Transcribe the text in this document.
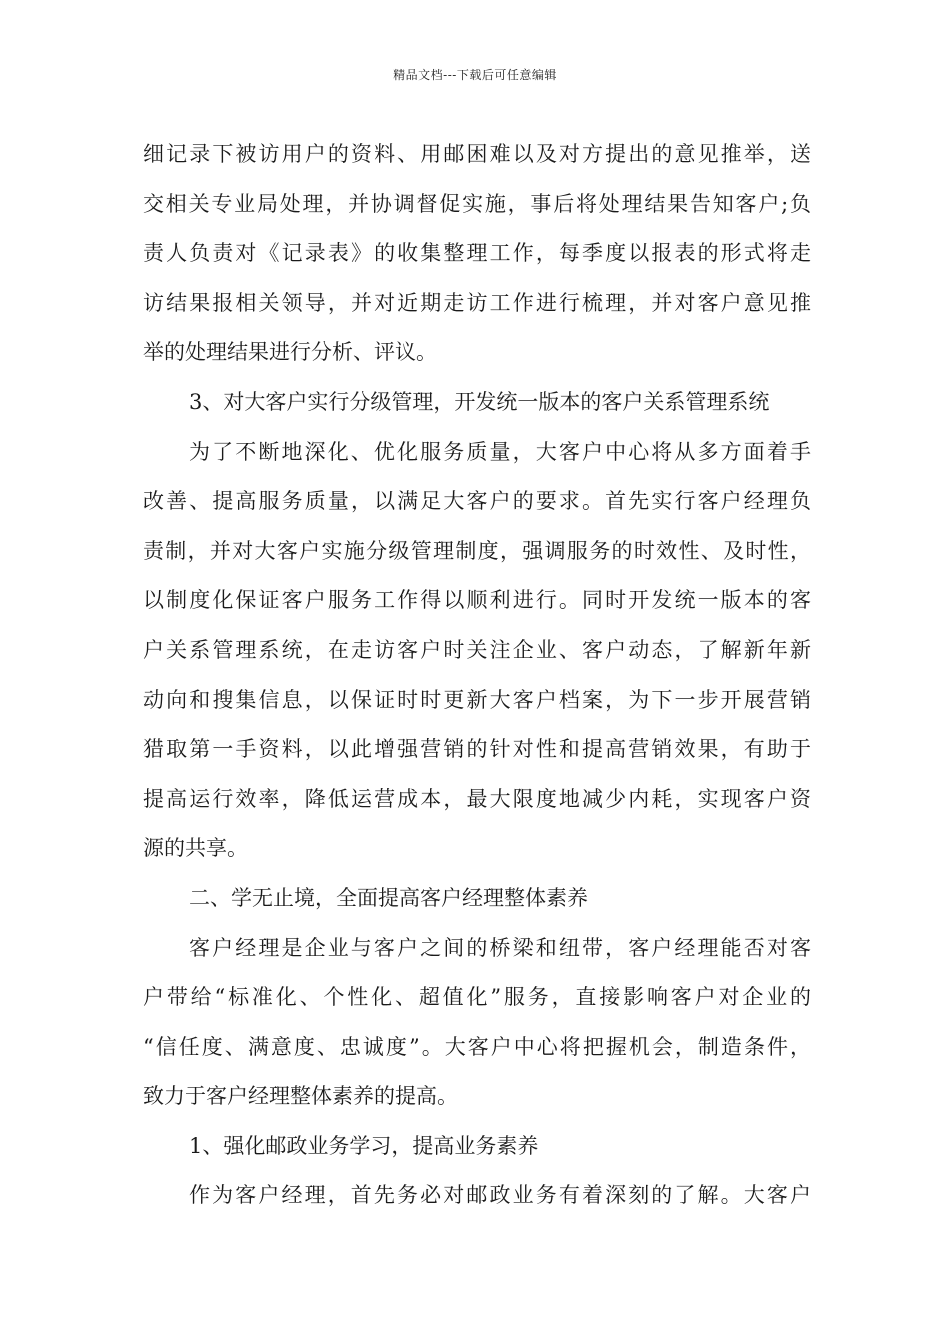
精品文档---下载后可任意编辑
细记录下被访用户的资料、用邮困难以及对方提出的意见推举，送
交相关专业局处理，并协调督促实施，事后将处理结果告知客户;负
责人负责对《记录表》的收集整理工作，每季度以报表的形式将走
访结果报相关领导，并对近期走访工作进行梳理，并对客户意见推
举的处理结果进行分析、评议。
3、对大客户实行分级管理，开发统一版本的客户关系管理系统
为了不断地深化、优化服务质量，大客户中心将从多方面着手
改善、提高服务质量，以满足大客户的要求。首先实行客户经理负
责制，并对大客户实施分级管理制度，强调服务的时效性、及时性，
以制度化保证客户服务工作得以顺利进行。同时开发统一版本的客
户关系管理系统，在走访客户时关注企业、客户动态，了解新年新
动向和搜集信息，以保证时时更新大客户档案，为下一步开展营销
猎取第一手资料，以此增强营销的针对性和提高营销效果，有助于
提高运行效率，降低运营成本，最大限度地减少内耗，实现客户资
源的共享。
二、学无止境，全面提高客户经理整体素养
客户经理是企业与客户之间的桥梁和纽带，客户经理能否对客
户带给“标准化、个性化、超值化”服务，直接影响客户对企业的
“信任度、满意度、忠诚度”。大客户中心将把握机会，制造条件，
致力于客户经理整体素养的提高。
1、强化邮政业务学习，提高业务素养
作为客户经理，首先务必对邮政业务有着深刻的了解。大客户
